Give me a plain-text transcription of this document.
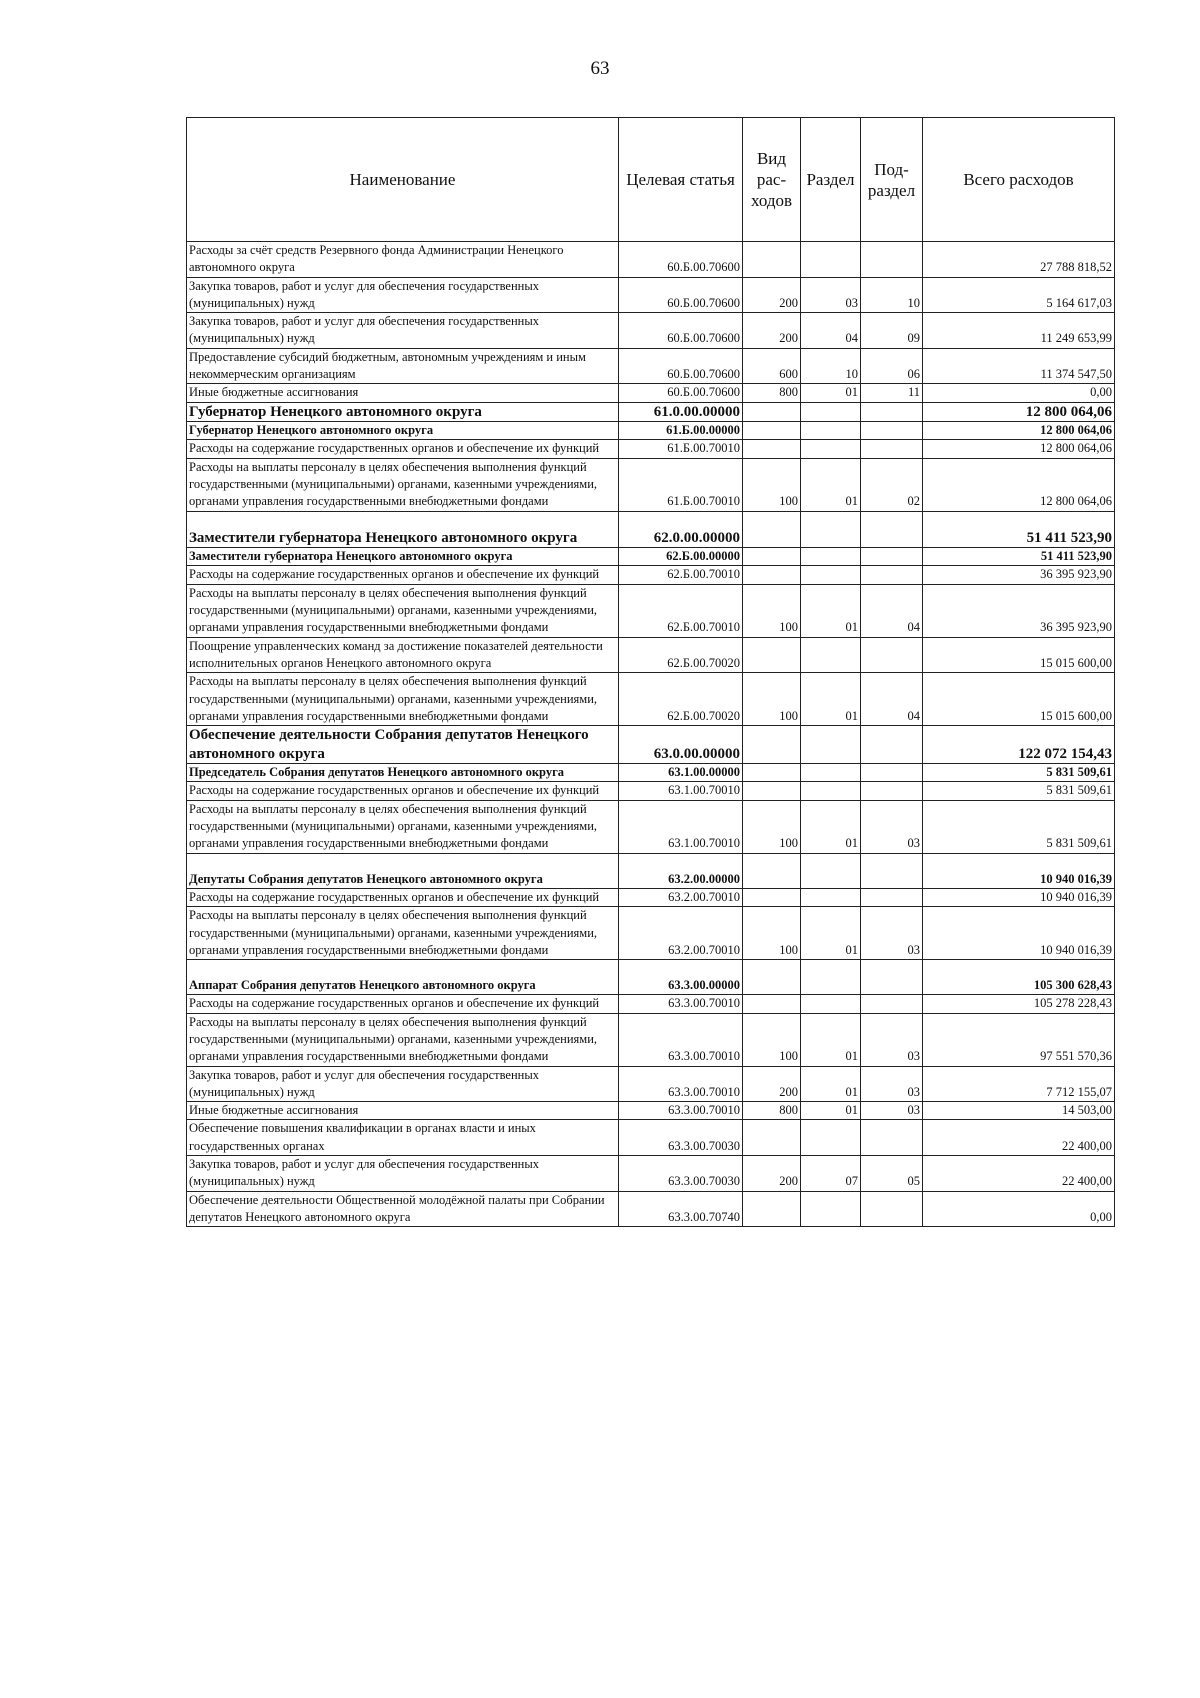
63
Наименование	Целевая статья	Вид рас- ходов	Раздел	Под- раздел	Всего расходов
Расходы за счёт средств Резервного фонда Администрации Ненецкого автономного округа	60.Б.00.70600				27 788 818,52
Закупка товаров, работ и услуг для обеспечения государственных (муниципальных) нужд	60.Б.00.70600	200	03	10	5 164 617,03
Закупка товаров, работ и услуг для обеспечения государственных (муниципальных) нужд	60.Б.00.70600	200	04	09	11 249 653,99
Предоставление субсидий бюджетным, автономным учреждениям и иным некоммерческим организациям	60.Б.00.70600	600	10	06	11 374 547,50
Иные бюджетные ассигнования	60.Б.00.70600	800	01	11	0,00
Губернатор Ненецкого автономного округа	61.0.00.00000				12 800 064,06
Губернатор Ненецкого автономного округа	61.Б.00.00000				12 800 064,06
Расходы на содержание государственных органов и обеспечение их функций	61.Б.00.70010				12 800 064,06
Расходы на выплаты персоналу в целях обеспечения выполнения функций государственными (муниципальными) органами, казенными учреждениями, органами управления государственными внебюджетными фондами	61.Б.00.70010	100	01	02	12 800 064,06
Заместители губернатора Ненецкого автономного округа	62.0.00.00000				51 411 523,90
Заместители губернатора Ненецкого автономного округа	62.Б.00.00000				51 411 523,90
Расходы на содержание государственных органов и обеспечение их функций	62.Б.00.70010				36 395 923,90
Расходы на выплаты персоналу в целях обеспечения выполнения функций государственными (муниципальными) органами, казенными учреждениями, органами управления государственными внебюджетными фондами	62.Б.00.70010	100	01	04	36 395 923,90
Поощрение управленческих команд за достижение показателей деятельности исполнительных органов Ненецкого автономного округа	62.Б.00.70020				15 015 600,00
Расходы на выплаты персоналу в целях обеспечения выполнения функций государственными (муниципальными) органами, казенными учреждениями, органами управления государственными внебюджетными фондами	62.Б.00.70020	100	01	04	15 015 600,00
Обеспечение деятельности Собрания депутатов Ненецкого автономного округа	63.0.00.00000				122 072 154,43
Председатель Собрания депутатов Ненецкого автономного округа	63.1.00.00000				5 831 509,61
Расходы на содержание государственных органов и обеспечение их функций	63.1.00.70010				5 831 509,61
Расходы на выплаты персоналу в целях обеспечения выполнения функций государственными (муниципальными) органами, казенными учреждениями, органами управления государственными внебюджетными фондами	63.1.00.70010	100	01	03	5 831 509,61
Депутаты Собрания депутатов Ненецкого автономного округа	63.2.00.00000				10 940 016,39
Расходы на содержание государственных органов и обеспечение их функций	63.2.00.70010				10 940 016,39
Расходы на выплаты персоналу в целях обеспечения выполнения функций государственными (муниципальными) органами, казенными учреждениями, органами управления государственными внебюджетными фондами	63.2.00.70010	100	01	03	10 940 016,39
Аппарат Собрания депутатов Ненецкого автономного округа	63.3.00.00000				105 300 628,43
Расходы на содержание государственных органов и обеспечение их функций	63.3.00.70010				105 278 228,43
Расходы на выплаты персоналу в целях обеспечения выполнения функций государственными (муниципальными) органами, казенными учреждениями, органами управления государственными внебюджетными фондами	63.3.00.70010	100	01	03	97 551 570,36
Закупка товаров, работ и услуг для обеспечения государственных (муниципальных) нужд	63.3.00.70010	200	01	03	7 712 155,07
Иные бюджетные ассигнования	63.3.00.70010	800	01	03	14 503,00
Обеспечение повышения квалификации в органах власти и иных государственных органах	63.3.00.70030				22 400,00
Закупка товаров, работ и услуг для обеспечения государственных (муниципальных) нужд	63.3.00.70030	200	07	05	22 400,00
Обеспечение деятельности Общественной молодёжной палаты при Собрании депутатов Ненецкого автономного округа	63.3.00.70740				0,00
